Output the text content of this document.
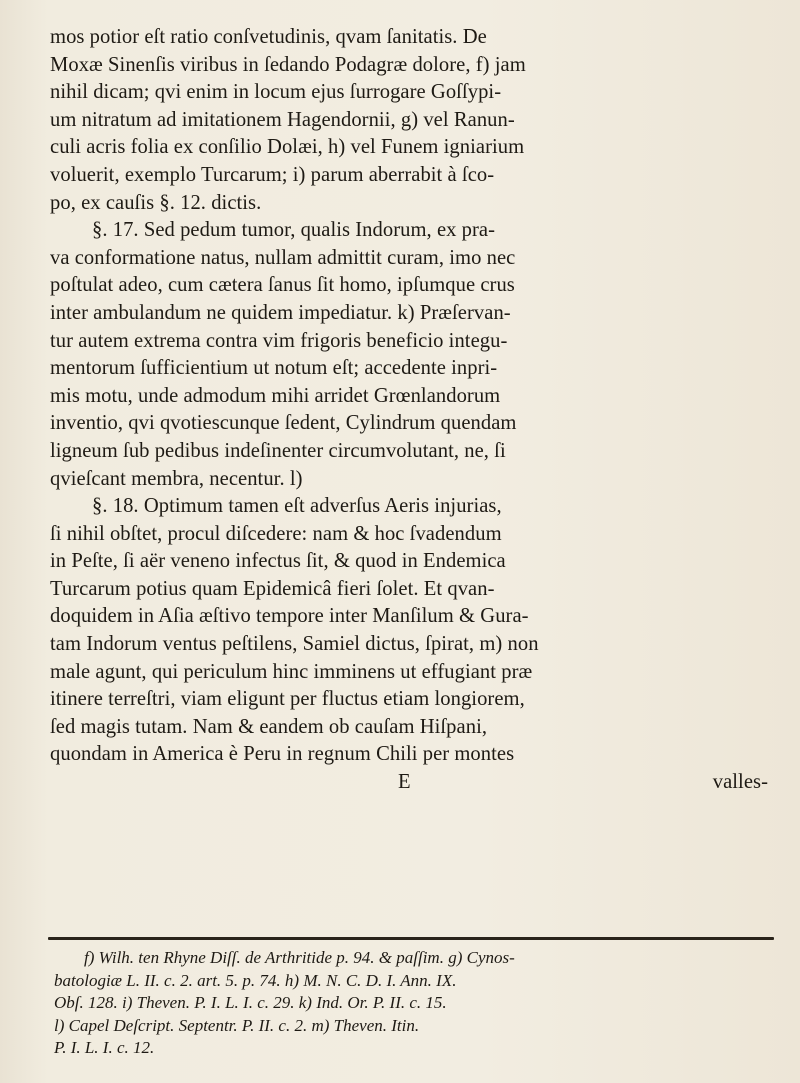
mos potior eſt ratio conſvetudinis, qvam ſanitatis. De
Moxæ Sinenſis viribus in ſedando Podagræ dolore, f) jam
nihil dicam; qvi enim in locum ejus ſurrogare Goſſypi-
um nitratum ad imitationem Hagendornii, g) vel Ranun-
culi acris folia ex conſilio Dolæi, h) vel Funem igniarium
voluerit, exemplo Turcarum; i) parum aberrabit à ſco-
po, ex cauſis §. 12. dictis.
§. 17. Sed pedum tumor, qualis Indorum, ex pra-
va conformatione natus, nullam admittit curam, imo nec
poſtulat adeo, cum cætera ſanus ſit homo, ipſumque crus
inter ambulandum ne quidem impediatur. k) Præſervan-
tur autem extrema contra vim frigoris beneficio integu-
mentorum ſufficientium ut notum eſt; accedente inpri-
mis motu, unde admodum mihi arridet Grœnlandorum
inventio, qvi qvotiescunque ſedent, Cylindrum quendam
ligneum ſub pedibus indeſinenter circumvolutant, ne, ſi
qvieſcant membra, necentur. l)
§. 18. Optimum tamen eſt adverſus Aeris injurias,
ſi nihil obſtet, procul diſcedere: nam & hoc ſvadendum
in Peſte, ſi aër veneno infectus ſit, & quod in Endemica
Turcarum potius quam Epidemicâ fieri ſolet. Et qvan-
doquidem in Aſia æſtivo tempore inter Manſilum & Gura-
tam Indorum ventus peſtilens, Samiel dictus, ſpirat, m) non
male agunt, qui periculum hinc imminens ut effugiant præ
itinere terreſtri, viam eligunt per fluctus etiam longiorem,
ſed magis tutam. Nam & eandem ob cauſam Hiſpani,
quondam in America è Peru in regnum Chili per montes
E	valles-
f) Wilh. ten Rhyne Diſſ. de Arthritide p. 94. & paſſim. g) Cynos-
batologiæ L. II. c. 2. art. 5. p. 74. h) M. N. C. D. I. Ann. IX.
Obſ. 128. i) Theven. P. I. L. I. c. 29. k) Ind. Or. P. II. c. 15.
l) Capel Deſcript. Septentr. P. II. c. 2. m) Theven. Itin.
P. I. L. I. c. 12.
